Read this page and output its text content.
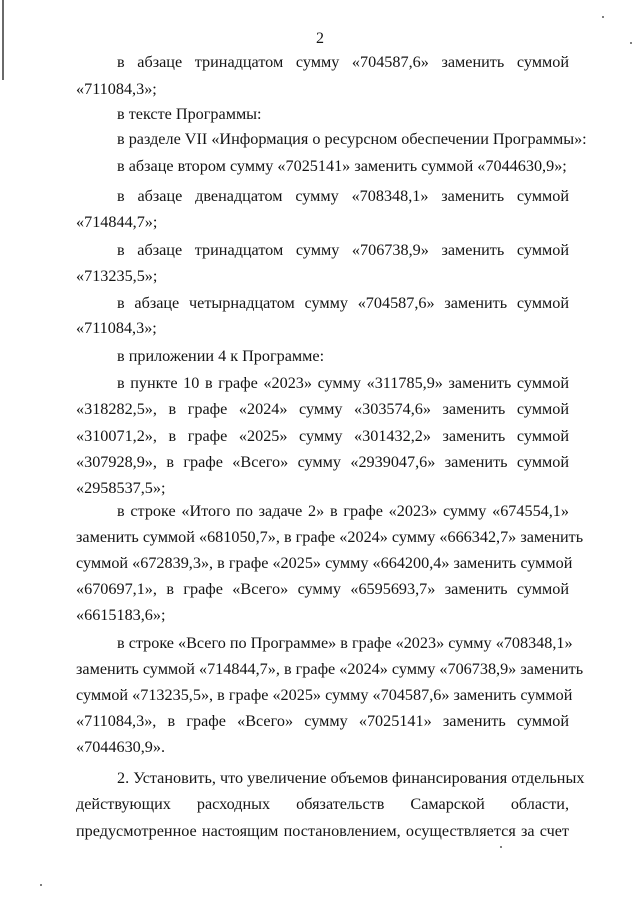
2
в абзаце тринадцатом сумму «704587,6» заменить суммой
«711084,3»;
в тексте Программы:
в разделе VII «Информация о ресурсном обеспечении Программы»:
в абзаце втором сумму «7025141» заменить суммой «7044630,9»;
в абзаце двенадцатом сумму «708348,1» заменить суммой
«714844,7»;
в абзаце тринадцатом сумму «706738,9» заменить суммой
«713235,5»;
в абзаце четырнадцатом сумму «704587,6» заменить суммой
«711084,3»;
в приложении 4 к Программе:
в пункте 10 в графе «2023» сумму «311785,9» заменить суммой
«318282,5», в графе «2024» сумму «303574,6» заменить суммой
«310071,2», в графе «2025» сумму «301432,2» заменить суммой
«307928,9», в графе «Всего» сумму «2939047,6» заменить суммой
«2958537,5»;
в строке «Итого по задаче 2» в графе «2023» сумму «674554,1»
заменить суммой «681050,7», в графе «2024» сумму «666342,7» заменить
суммой «672839,3», в графе «2025» сумму «664200,4» заменить суммой
«670697,1», в графе «Всего» сумму «6595693,7» заменить суммой
«6615183,6»;
в строке «Всего по Программе» в графе «2023» сумму «708348,1»
заменить суммой «714844,7», в графе «2024» сумму «706738,9» заменить
суммой «713235,5», в графе «2025» сумму «704587,6» заменить суммой
«711084,3», в графе «Всего» сумму «7025141» заменить суммой
«7044630,9».
2. Установить, что увеличение объемов финансирования отдельных
действующих расходных обязательств Самарской области,
предусмотренное настоящим постановлением, осуществляется за счет
